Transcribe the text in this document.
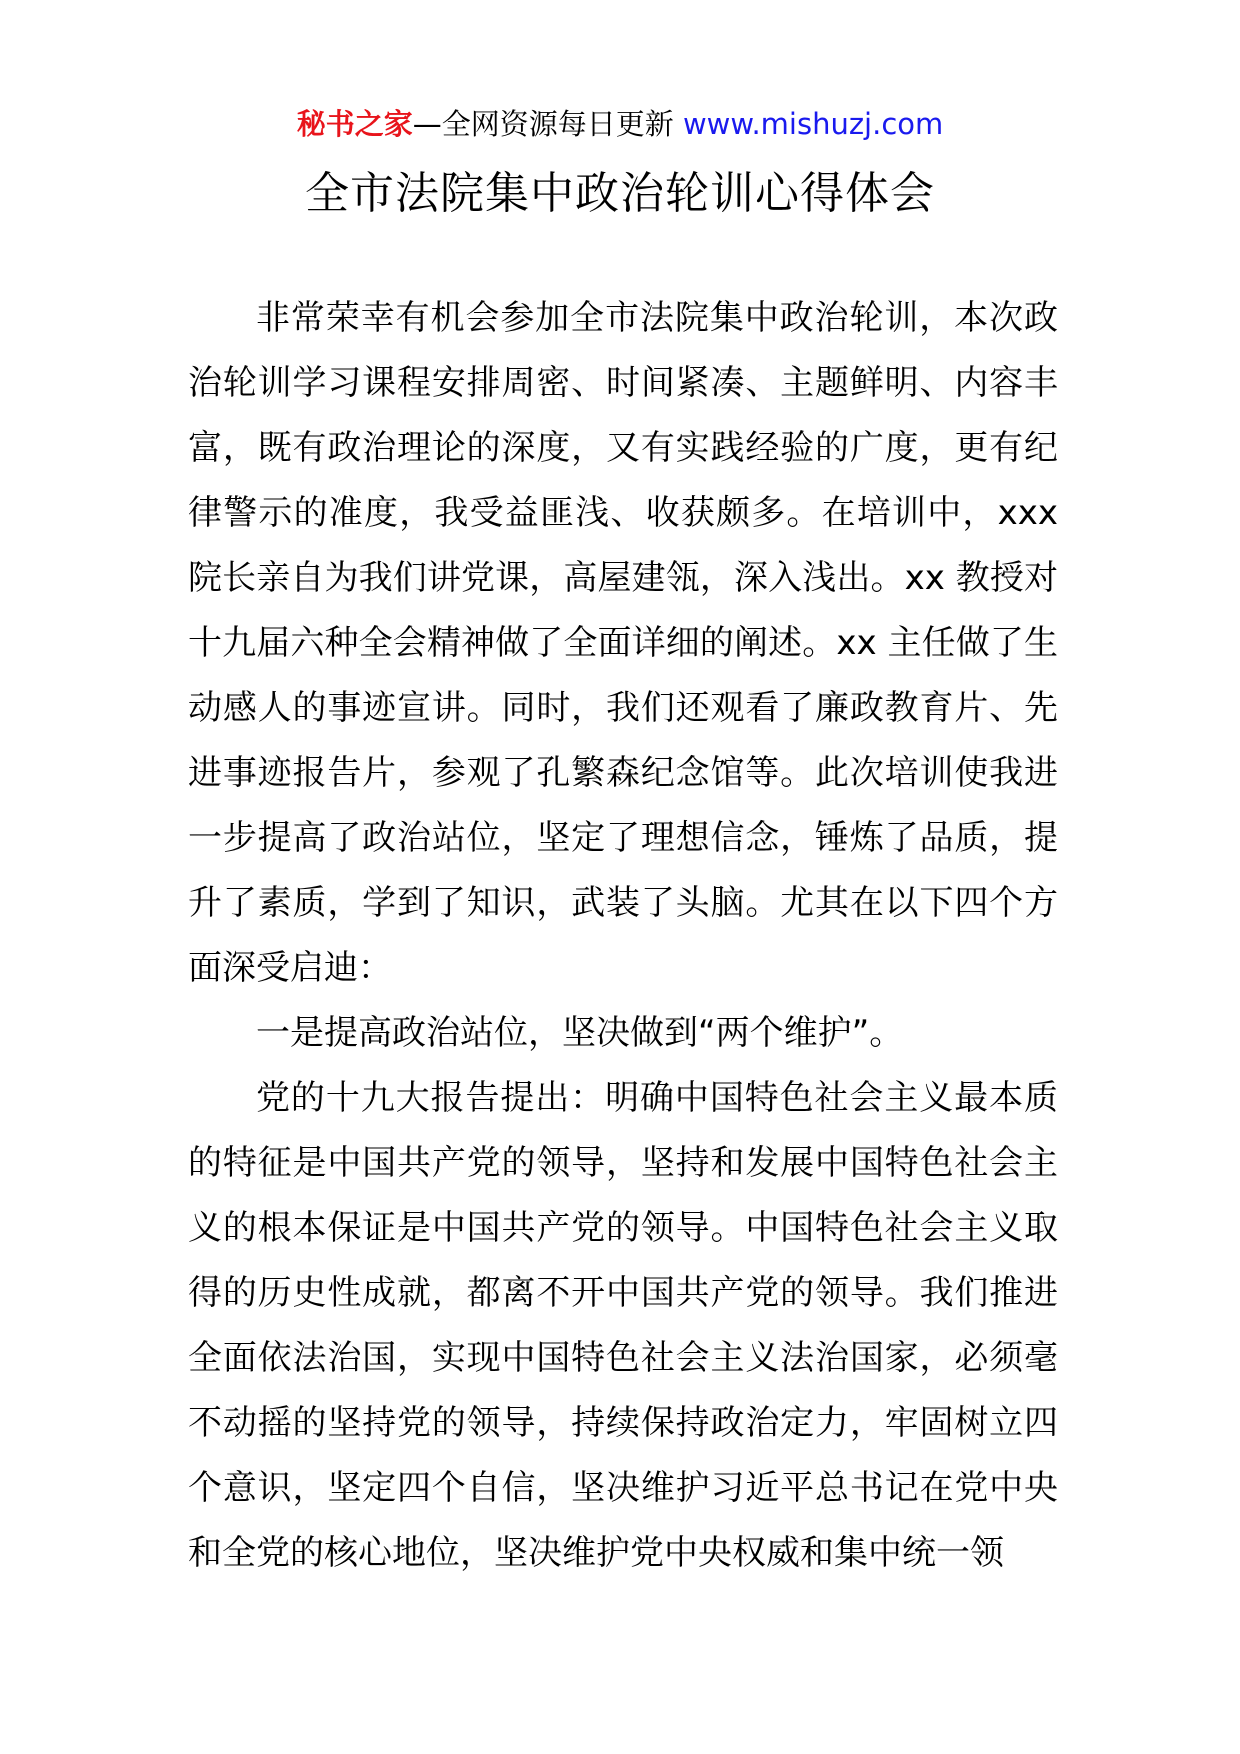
秘书之家—全网资源每日更新 www.mishuzj.com
全市法院集中政治轮训心得体会

非常荣幸有机会参加全市法院集中政治轮训，本次政治轮训学习课程安排周密、时间紧凑、主题鲜明、内容丰富，既有政治理论的深度，又有实践经验的广度，更有纪律警示的准度，我受益匪浅、收获颇多。在培训中，xxx院长亲自为我们讲党课，高屋建瓴，深入浅出。xx 教授对十九届六种全会精神做了全面详细的阐述。xx 主任做了生动感人的事迹宣讲。同时，我们还观看了廉政教育片、先进事迹报告片，参观了孔繁森纪念馆等。此次培训使我进一步提高了政治站位，坚定了理想信念，锤炼了品质，提升了素质，学到了知识，武装了头脑。尤其在以下四个方面深受启迪：

一是提高政治站位，坚决做到“两个维护”。

党的十九大报告提出：明确中国特色社会主义最本质的特征是中国共产党的领导，坚持和发展中国特色社会主义的根本保证是中国共产党的领导。中国特色社会主义取得的历史性成就，都离不开中国共产党的领导。我们推进全面依法治国，实现中国特色社会主义法治国家，必须毫不动摇的坚持党的领导，持续保持政治定力，牢固树立四个意识，坚定四个自信，坚决维护习近平总书记在党中央和全党的核心地位，坚决维护党中央权威和集中统一领
